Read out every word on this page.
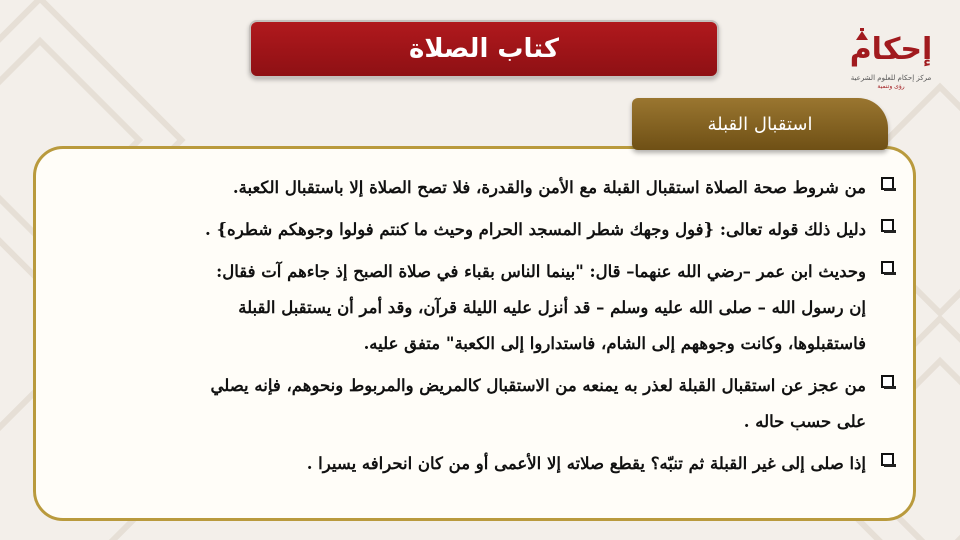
كتاب الصلاة	إحكام
مركز إحكام للعلوم الشرعية
رؤى وتنمية
استقبال القبلة
من شروط صحة الصلاة استقبال القبلة مع الأمن والقدرة، فلا تصح الصلاة إلا باستقبال الكعبة.
دليل ذلك قوله تعالى: {فول وجهك شطر المسجد الحرام وحيث ما كنتم فولوا وجوهكم شطره} .
وحديث ابن عمر –رضي الله عنهما– قال: "بينما الناس بقباء في صلاة الصبح إذ جاءهم آت فقال:
إن رسول الله – صلى الله عليه وسلم – قد أنزل عليه الليلة قرآن، وقد أمر أن يستقبل القبلة
فاستقبلوها، وكانت وجوههم إلى الشام، فاستداروا إلى الكعبة" متفق عليه.
من عجز عن استقبال القبلة لعذر به يمنعه من الاستقبال كالمريض والمربوط ونحوهم، فإنه يصلي
على حسب حاله .
إذا صلى إلى غير القبلة ثم تنبّه؟ يقطع صلاته إلا الأعمى أو من كان انحرافه يسيرا .
